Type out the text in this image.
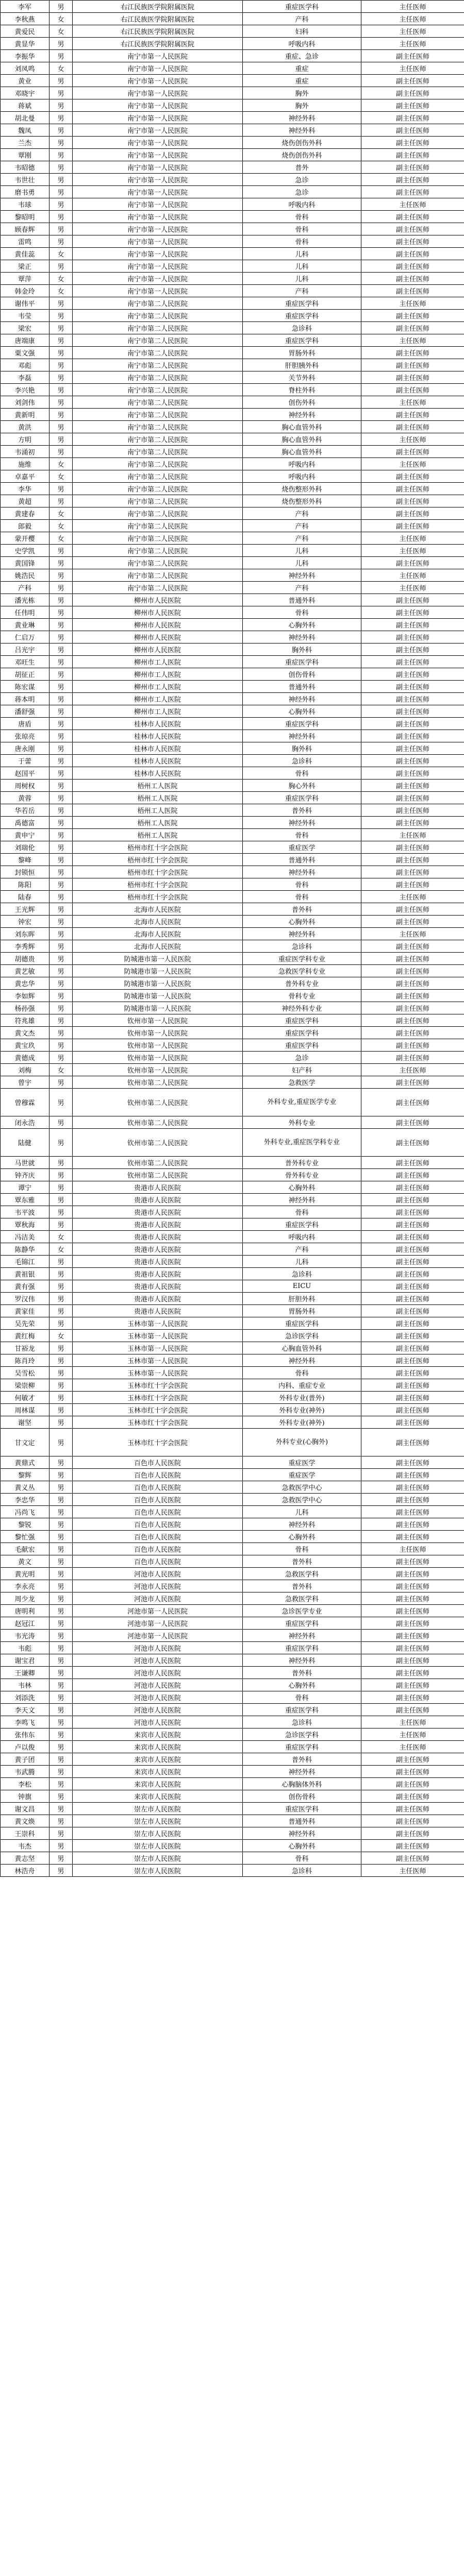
李军	男	右江民族医学院附属医院	重症医学科	主任医师
李秋燕	女	右江民族医学院附属医院	产科	主任医师
黄爱民	女	右江民族医学院附属医院	妇科	主任医师
黄显华	男	右江民族医学院附属医院	呼吸内科	主任医师
李振华	男	南宁市第一人民医院	重症、急诊	副主任医师
刘凤鸣	女	南宁市第一人民医院	重症	主任医师
黄业	男	南宁市第一人民医院	重症	副主任医师
邓晓宇	男	南宁市第一人民医院	胸外	副主任医师
蒋斌	男	南宁市第一人民医院	胸外	副主任医师
胡北曼	男	南宁市第一人民医院	神经外科	副主任医师
魏凤	男	南宁市第一人民医院	神经外科	副主任医师
兰杰	男	南宁市第一人民医院	烧伤创伤外科	副主任医师
覃刚	男	南宁市第一人民医院	烧伤创伤外科	副主任医师
韦昭德	男	南宁市第一人民医院	普外	副主任医师
韦世壮	男	南宁市第一人民医院	急诊	副主任医师
磨书勇	男	南宁市第一人民医院	急诊	副主任医师
韦球	男	南宁市第一人民医院	呼吸内科	主任医师
黎昭明	男	南宁市第一人民医院	骨科	副主任医师
顾春辉	男	南宁市第一人民医院	骨科	副主任医师
雷鸣	男	南宁市第一人民医院	骨科	副主任医师
黄佳蕊	女	南宁市第一人民医院	儿科	副主任医师
梁正	男	南宁市第一人民医院	儿科	副主任医师
覃萍	女	南宁市第一人民医院	儿科	副主任医师
韩金玲	女	南宁市第一人民医院	产科	副主任医师
谢伟平	男	南宁市第二人民医院	重症医学科	主任医师
韦莹	男	南宁市第二人民医院	重症医学科	副主任医师
梁宏	男	南宁市第二人民医院	急诊科	副主任医师
唐端康	男	南宁市第二人民医院	重症医学科	主任医师
粟文强	男	南宁市第二人民医院	胃肠外科	副主任医师
邓彪	男	南宁市第二人民医院	肝胆胰外科	副主任医师
李磊	男	南宁市第二人民医院	关节外科	副主任医师
李兴艳	男	南宁市第二人民医院	脊柱外科	副主任医师
刘剑伟	男	南宁市第二人民医院	创伤外科	主任医师
黄新明	男	南宁市第二人民医院	神经外科	副主任医师
黄洪	男	南宁市第二人民医院	胸心血管外科	副主任医师
方明	男	南宁市第二人民医院	胸心血管外科	主任医师
韦涌初	男	南宁市第二人民医院	胸心血管外科	副主任医师
施维	女	南宁市第二人民医院	呼吸内科	主任医师
卓嘉平	女	南宁市第二人民医院	呼吸内科	副主任医师
李华	男	南宁市第二人民医院	烧伤整形外科	副主任医师
黄超	男	南宁市第二人民医院	烧伤整形外科	副主任医师
黄建春	女	南宁市第二人民医院	产科	副主任医师
郎毅	女	南宁市第二人民医院	产科	副主任医师
蒙开樱	女	南宁市第二人民医院	产科	主任医师
史学凯	男	南宁市第二人民医院	儿科	主任医师
黄国锋	男	南宁市第二人民医院	儿科	副主任医师
姚浩民	男	南宁市第二人民医院	神经外科	主任医师
产科	男	南宁市第二人民医院	产科	主任医师
潘光栋	男	柳州市人民医院	普通外科	副主任医师
任伟明	男	柳州市人民医院	骨科	副主任医师
黄业琳	男	柳州市人民医院	心胸外科	副主任医师
仁启万	男	柳州市人民医院	神经外科	副主任医师
吕光宇	男	柳州市人民医院	胸外科	副主任医师
邓旺生	男	柳州市工人医院	重症医学科	副主任医师
胡征正	男	柳州市工人医院	创伤骨科	副主任医师
陈宏谋	男	柳州市工人医院	普通外科	副主任医师
蒋本明	男	柳州市工人医院	神经外科	副主任医师
潘舒强	男	柳州市工人医院	心胸外科	副主任医师
唐盾	男	桂林市人民医院	重症医学科	副主任医师
张琼亮	男	桂林市人民医院	神经外科	副主任医师
唐永刚	男	桂林市人民医院	胸外科	副主任医师
于蕾	男	桂林市人民医院	急诊科	副主任医师
赵国平	男	桂林市人民医院	骨科	副主任医师
周树权	男	梧州工人医院	胸心外科	副主任医师
黄蓉	男	梧州工人医院	重症医学科	副主任医师
华若岳	男	梧州工人医院	普外科	副主任医师
禹德富	男	梧州工人医院	神经外科	副主任医师
黄申宁	男	梧州工人医院	骨科	主任医师
刘瑞伦	男	梧州市红十字会医院	重症医学	副主任医师
黎峰	男	梧州市红十字会医院	普通外科	副主任医师
封锁恒	男	梧州市红十字会医院	神经外科	副主任医师
陈阳	男	梧州市红十字会医院	骨科	副主任医师
陆春	男	梧州市红十字会医院	骨科	主任医师
王光辉	男	北海市人民医院	普外科	副主任医师
钟宏	男	北海市人民医院	心胸外科	副主任医师
刘东晖	男	北海市人民医院	神经外科	主任医师
李秀辉	男	北海市人民医院	急诊科	副主任医师
胡德贵	男	防城港市第一人民医院	重症医学科专业	副主任医师
黄艺敏	男	防城港市第一人民医院	急救医学科专业	副主任医师
黄忠华	男	防城港市第一人民医院	普外科专业	副主任医师
李如辉	男	防城港市第一人民医院	骨科专业	副主任医师
杨孙强	男	防城港市第一人民医院	神经外科专业	副主任医师
符兆雄	男	钦州市第一人民医院	重症医学科	副主任医师
黄文杰	男	钦州市第一人民医院	重症医学科	副主任医师
黄宝玖	男	钦州市第一人民医院	重症医学科	副主任医师
黄德成	男	钦州市第一人民医院	急诊	副主任医师
刘梅	女	钦州市第一人民医院	妇产科	主任医师
曾宇	男	钦州市第二人民医院	急救医学	副主任医师
曾穆霖	男	钦州市第二人民医院	外科专业,重症医学专业	副主任医师
闭永浩	男	钦州市第二人民医院	外科专业	副主任医师
陆健	男	钦州市第二人民医院	外科专业,重症医学科专业	副主任医师
马世就	男	钦州市第二人民医院	普外科专业	副主任医师
钟齐庆	男	钦州市第二人民医院	骨外科专业	副主任医师
谭宁	男	贵港市人民医院	心胸外科	副主任医师
覃东雅	男	贵港市人民医院	神经外科	副主任医师
韦平波	男	贵港市人民医院	骨科	副主任医师
覃秋海	男	贵港市人民医院	重症医学科	副主任医师
冯洁美	女	贵港市人民医院	呼吸内科	副主任医师
陈静华	女	贵港市人民医院	产科	副主任医师
毛锦江	男	贵港市人民医院	儿科	副主任医师
黄祖银	男	贵港市人民医院	急诊科	副主任医师
黄有强	男	贵港市人民医院	EICU	副主任医师
罗汉伟	男	贵港市人民医院	肝胆外科	副主任医师
黄家佳	男	贵港市人民医院	胃肠外科	副主任医师
吴先荣	男	玉林市第一人民医院	重症医学科	副主任医师
黄红梅	女	玉林市第一人民医院	急诊医学科	副主任医师
甘裕龙	男	玉林市第一人民医院	心胸血管外科	副主任医师
陈肖玲	男	玉林市第一人民医院	神经外科	副主任医师
吴雪松	男	玉林市第一人民医院	骨科	副主任医师
梁崇柳	男	玉林市红十字会医院	内科、重症专业	副主任医师
何敏才	男	玉林市红十字会医院	外科专业(普外)	副主任医师
周林谋	男	玉林市红十字会医院	外科专业(神外)	副主任医师
谢坚	男	玉林市红十字会医院	外科专业(神外)	副主任医师
甘文定	男	玉林市红十字会医院	外科专业(心胸外)	副主任医师
黄鼎式	男	百色市人民医院	重症医学	副主任医师
黎辉	男	百色市人民医院	重症医学	副主任医师
黄义丛	男	百色市人民医院	急救医学中心	副主任医师
李忠华	男	百色市人民医院	急救医学中心	副主任医师
冯尚飞	男	百色市人民医院	儿科	副主任医师
黎锐	男	百色市人民医院	神经外科	副主任医师
黎忙强	男	百色市人民医院	心胸外科	副主任医师
毛献宏	男	百色市人民医院	骨科	主任医师
黄文	男	百色市人民医院	普外科	副主任医师
黄光明	男	河池市人民医院	急救医学科	副主任医师
李永亮	男	河池市人民医院	普外科	副主任医师
周少龙	男	河池市人民医院	急救医学科	副主任医师
唐明利	男	河池市第一人民医院	急诊医学专业	副主任医师
赵冠江	男	河池市第一人民医院	重症医学科	副主任医师
韦光涛	男	河池市第一人民医院	神经外科	副主任医师
韦彪	男	河池市人民医院	重症医学科	副主任医师
谢宝君	男	河池市人民医院	神经外科	副主任医师
王谦卿	男	河池市人民医院	普外科	副主任医师
韦林	男	河池市人民医院	心胸外科	副主任医师
刘添洗	男	河池市人民医院	骨科	副主任医师
李天文	男	河池市人民医院	重症医学科	副主任医师
李鸣飞	男	河池市人民医院	急诊科	主任医师
张伟东	男	来宾市人民医院	急诊医学科	主任医师
卢以俊	男	来宾市人民医院	重症医学科	主任医师
黄子团	男	来宾市人民医院	普外科	副主任医师
韦武腾	男	来宾市人民医院	神经外科	副主任医师
李松	男	来宾市人民医院	心胸脑体外科	副主任医师
钟旗	男	来宾市人民医院	创伤骨科	副主任医师
谢文昌	男	崇左市人民医院	重症医学科	副主任医师
黄文焕	男	崇左市人民医院	普通外科	副主任医师
王崇科	男	崇左市人民医院	神经外科	副主任医师
韦杰	男	崇左市人民医院	心胸外科	副主任医师
黄志坚	男	崇左市人民医院	骨科	副主任医师
林浩舟	男	崇左市人民医院	急诊科	主任医师
